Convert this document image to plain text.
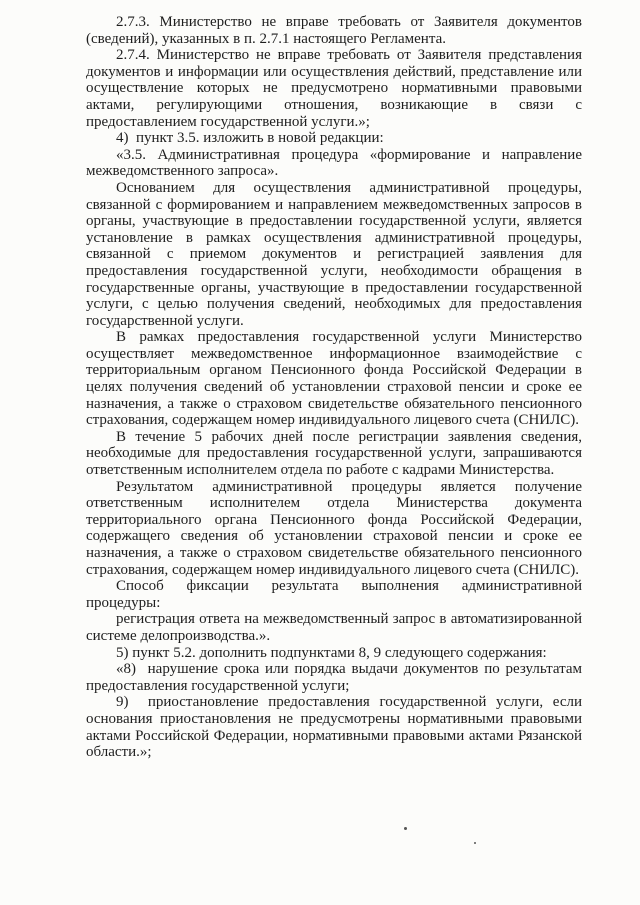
2.7.3. Министерство не вправе требовать от Заявителя документов (сведений), указанных в п. 2.7.1 настоящего Регламента.

2.7.4. Министерство не вправе требовать от Заявителя представления документов и информации или осуществления действий, представление или осуществление которых не предусмотрено нормативными правовыми актами, регулирующими отношения, возникающие в связи с предоставлением государственной услуги.»;

4)  пункт 3.5. изложить в новой редакции:

«3.5. Административная процедура «формирование и направление межведомственного запроса».

Основанием для осуществления административной процедуры, связанной с формированием и направлением межведомственных запросов в органы, участвующие в предоставлении государственной услуги, является установление в рамках осуществления административной процедуры, связанной с приемом документов и регистрацией заявления для предоставления государственной услуги, необходимости обращения в государственные органы, участвующие в предоставлении государственной услуги, с целью получения сведений, необходимых для предоставления государственной услуги.

В рамках предоставления государственной услуги Министерство осуществляет межведомственное информационное взаимодействие с территориальным органом Пенсионного фонда Российской Федерации в целях получения сведений об установлении страховой пенсии и сроке ее назначения, а также о страховом свидетельстве обязательного пенсионного страхования, содержащем номер индивидуального лицевого счета (СНИЛС).

В течение 5 рабочих дней после регистрации заявления сведения, необходимые для предоставления государственной услуги, запрашиваются ответственным исполнителем отдела по работе с кадрами Министерства.

Результатом административной процедуры является получение ответственным исполнителем отдела Министерства документа территориального органа Пенсионного фонда Российской Федерации, содержащего сведения об установлении страховой пенсии и сроке ее назначения, а также о страховом свидетельстве обязательного пенсионного страхования, содержащем номер индивидуального лицевого счета (СНИЛС).

Способ фиксации результата выполнения административной процедуры:

регистрация ответа на межведомственный запрос в автоматизированной системе делопроизводства.».

5) пункт 5.2. дополнить подпунктами 8, 9 следующего содержания:

«8)  нарушение срока или порядка выдачи документов по результатам предоставления государственной услуги;

9)  приостановление предоставления государственной услуги, если основания приостановления не предусмотрены нормативными правовыми актами Российской Федерации, нормативными правовыми актами Рязанской области.»;
